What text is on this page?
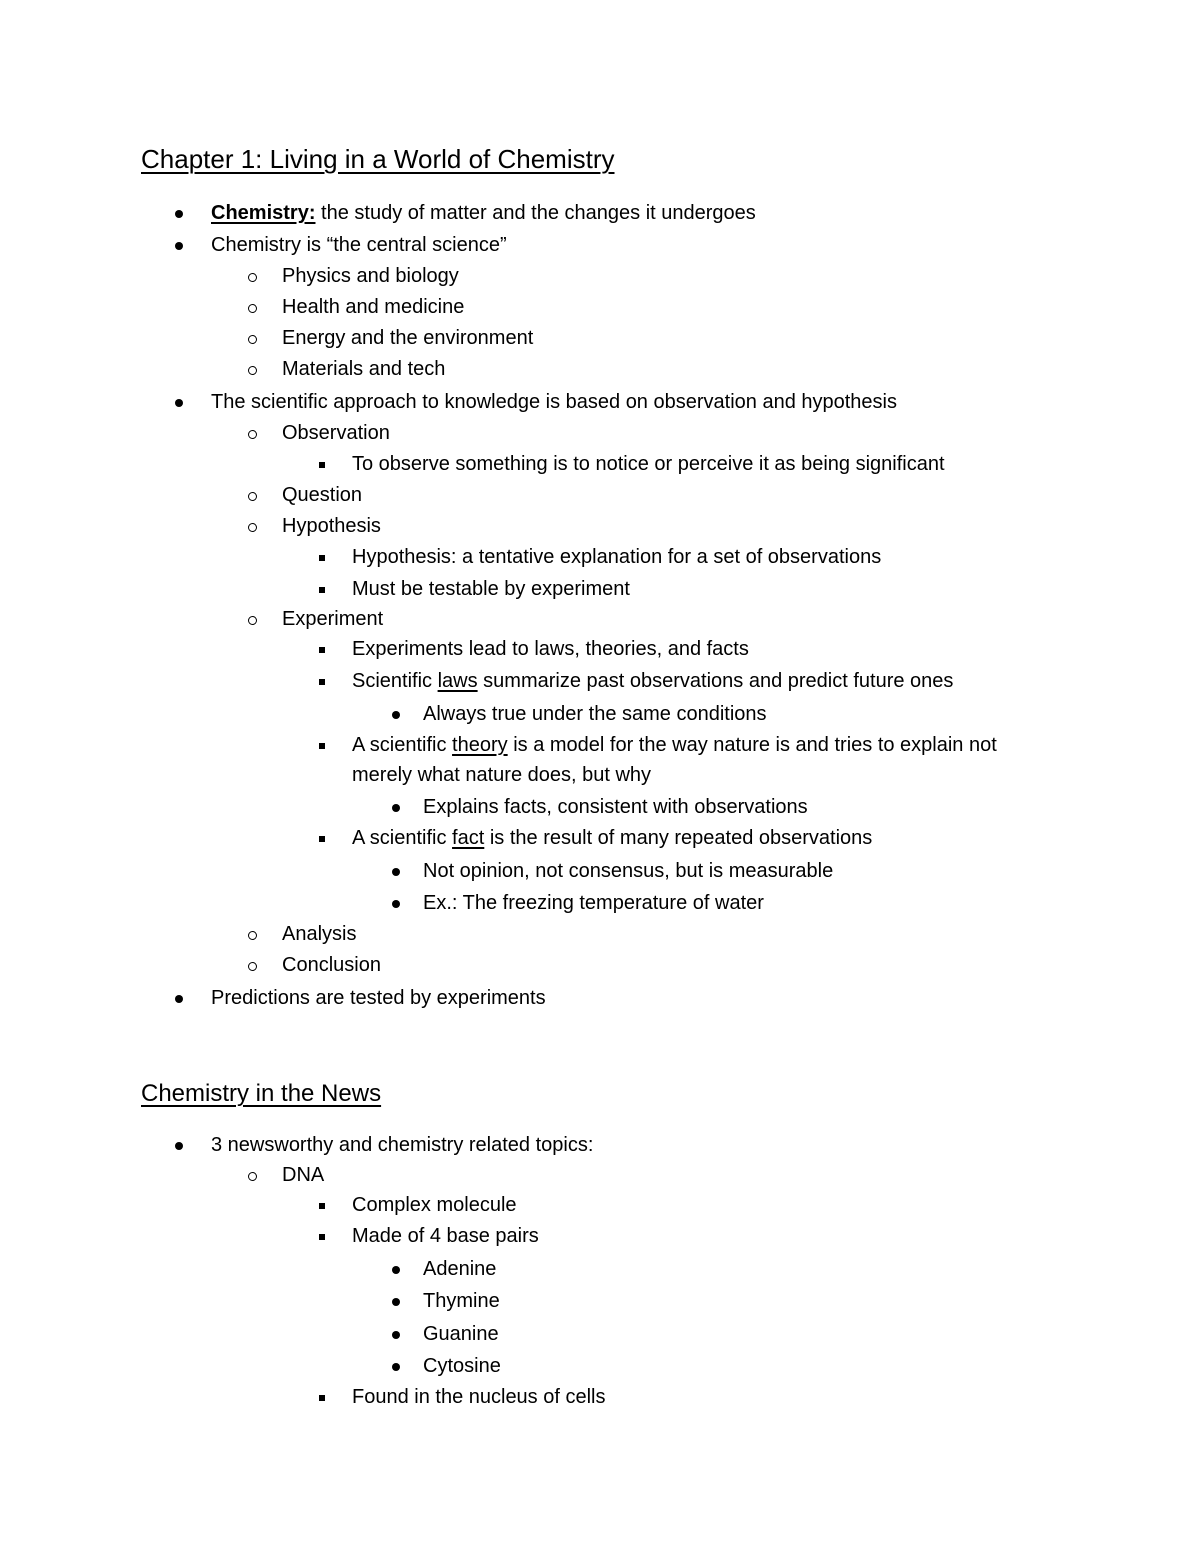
Chapter 1: Living in a World of Chemistry
Chemistry: the study of matter and the changes it undergoes
Chemistry is “the central science”
Physics and biology
Health and medicine
Energy and the environment
Materials and tech
The scientific approach to knowledge is based on observation and hypothesis
Observation
To observe something is to notice or perceive it as being significant
Question
Hypothesis
Hypothesis: a tentative explanation for a set of observations
Must be testable by experiment
Experiment
Experiments lead to laws, theories, and facts
Scientific laws summarize past observations and predict future ones
Always true under the same conditions
A scientific theory is a model for the way nature is and tries to explain not
merely what nature does, but why
Explains facts, consistent with observations
A scientific fact is the result of many repeated observations
Not opinion, not consensus, but is measurable
Ex.: The freezing temperature of water
Analysis
Conclusion
Predictions are tested by experiments
Chemistry in the News
3 newsworthy and chemistry related topics:
DNA
Complex molecule
Made of 4 base pairs
Adenine
Thymine
Guanine
Cytosine
Found in the nucleus of cells
